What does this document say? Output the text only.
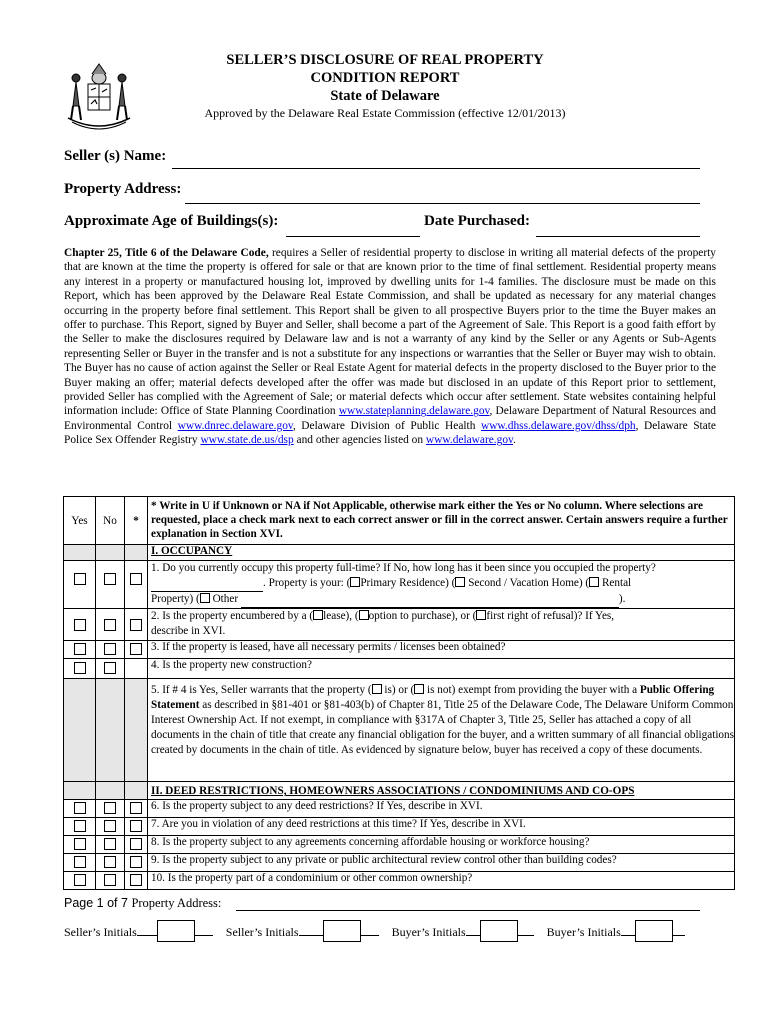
SELLER’S DISCLOSURE OF REAL PROPERTY
CONDITION REPORT
State of Delaware
Approved by the Delaware Real Estate Commission (effective 12/01/2013)
Seller (s) Name:
Property Address:
Approximate Age of Buildings(s):	Date Purchased:
Chapter 25, Title 6 of the Delaware Code, requires a Seller of residential property to disclose in writing all material defects of the property that are known at the time the property is offered for sale or that are known prior to the time of final settlement. Residential property means any interest in a property or manufactured housing lot, improved by dwelling units for 1-4 families. The disclosure must be made on this Report, which has been approved by the Delaware Real Estate Commission, and shall be updated as necessary for any material changes occurring in the property before final settlement. This Report shall be given to all prospective Buyers prior to the time the Buyer makes an offer to purchase. This Report, signed by Buyer and Seller, shall become a part of the Agreement of Sale. This Report is a good faith effort by the Seller to make the disclosures required by Delaware law and is not a warranty of any kind by the Seller or any Agents or Sub-Agents representing Seller or Buyer in the transfer and is not a substitute for any inspections or warranties that the Seller or Buyer may wish to obtain. The Buyer has no cause of action against the Seller or Real Estate Agent for material defects in the property disclosed to the Buyer prior to the Buyer making an offer; material defects developed after the offer was made but disclosed in an update of this Report prior to settlement, provided Seller has complied with the Agreement of Sale; or material defects which occur after settlement. State websites containing helpful information include: Office of State Planning Coordination www.stateplanning.delaware.gov, Delaware Department of Natural Resources and Environmental Control www.dnrec.delaware.gov, Delaware Division of Public Health www.dhss.delaware.gov/dhss/dph, Delaware State Police Sex Offender Registry www.state.de.us/dsp and other agencies listed on www.delaware.gov.
Yes	No	*	* Write in U if Unknown or NA if Not Applicable, otherwise mark either the Yes or No column. Where selections are requested, place a check mark next to each correct answer or fill in the correct answer. Certain answers require a further explanation in Section XVI.
			I. OCCUPANCY
			1. Do you currently occupy this property full-time? If No, how long has it been since you occupied the property?
. Property is your: ( Primary Residence) ( Second / Vacation Home) ( Rental
Property) ( Other ).
			2. Is the property encumbered by a ( lease), ( option to purchase), or ( first right of refusal)? If Yes,
describe in XVI.
			3. If the property is leased, have all necessary permits / licenses been obtained?
			4. Is the property new construction?
			5. If # 4 is Yes, Seller warrants that the property ( is) or ( is not) exempt from providing the buyer with a Public Offering Statement as described in §81-401 or §81-403(b) of Chapter 81, Title 25 of the Delaware Code, The Delaware Uniform Common Interest Ownership Act. If not exempt, in compliance with §317A of Chapter 3, Title 25, Seller has attached a copy of all documents in the chain of title that create any financial obligation for the buyer, and a written summary of all financial obligations created by documents in the chain of title. As evidenced by signature below, buyer has received a copy of these documents.
			II. DEED RESTRICTIONS, HOMEOWNERS ASSOCIATIONS / CONDOMINIUMS AND CO-OPS
			6. Is the property subject to any deed restrictions? If Yes, describe in XVI.
			7. Are you in violation of any deed restrictions at this time? If Yes, describe in XVI.
			8. Is the property subject to any agreements concerning affordable housing or workforce housing?
			9. Is the property subject to any private or public architectural review control other than building codes?
			10. Is the property part of a condominium or other common ownership?
Page 1 of 7 Property Address:
Seller’s Initials	Seller’s Initials	Buyer’s Initials	Buyer’s Initials
